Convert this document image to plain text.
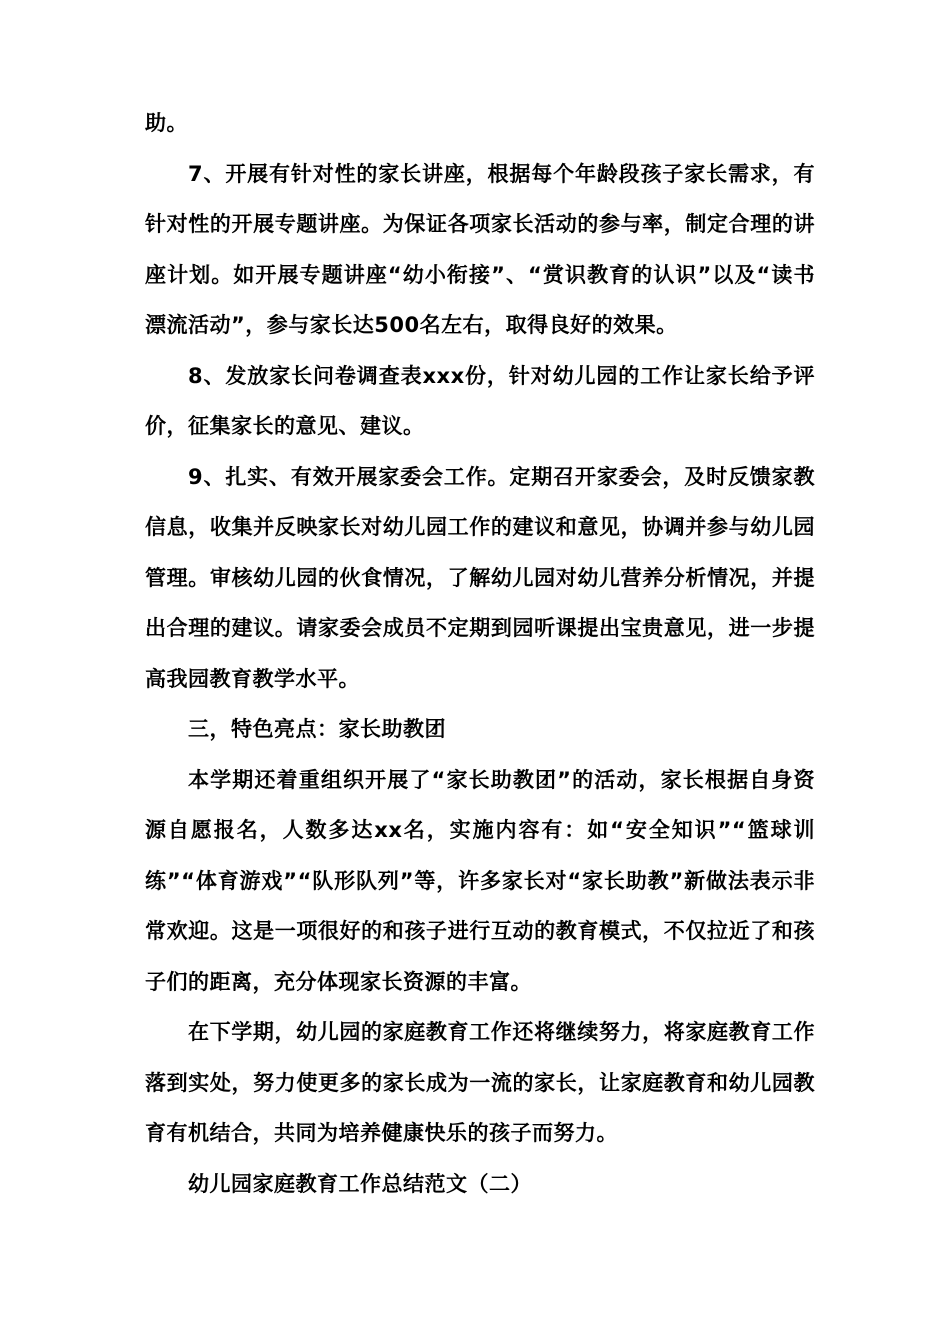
助。

7、开展有针对性的家长讲座，根据每个年龄段孩子家长需求，有针对性的开展专题讲座。为保证各项家长活动的参与率，制定合理的讲座计划。如开展专题讲座“幼小衔接”、“赏识教育的认识”以及“读书漂流活动”，参与家长达500名左右，取得良好的效果。

8、发放家长问卷调查表xxx份，针对幼儿园的工作让家长给予评价，征集家长的意见、建议。

9、扎实、有效开展家委会工作。定期召开家委会，及时反馈家教信息，收集并反映家长对幼儿园工作的建议和意见，协调并参与幼儿园管理。审核幼儿园的伙食情况，了解幼儿园对幼儿营养分析情况，并提出合理的建议。请家委会成员不定期到园听课提出宝贵意见，进一步提高我园教育教学水平。

三，特色亮点：家长助教团

本学期还着重组织开展了“家长助教团”的活动，家长根据自身资源自愿报名，人数多达xx名，实施内容有：如“安全知识”“篮球训练”“体育游戏”“队形队列”等，许多家长对“家长助教”新做法表示非常欢迎。这是一项很好的和孩子进行互动的教育模式，不仅拉近了和孩子们的距离，充分体现家长资源的丰富。

在下学期，幼儿园的家庭教育工作还将继续努力，将家庭教育工作落到实处，努力使更多的家长成为一流的家长，让家庭教育和幼儿园教育有机结合，共同为培养健康快乐的孩子而努力。

幼儿园家庭教育工作总结范文（二）
